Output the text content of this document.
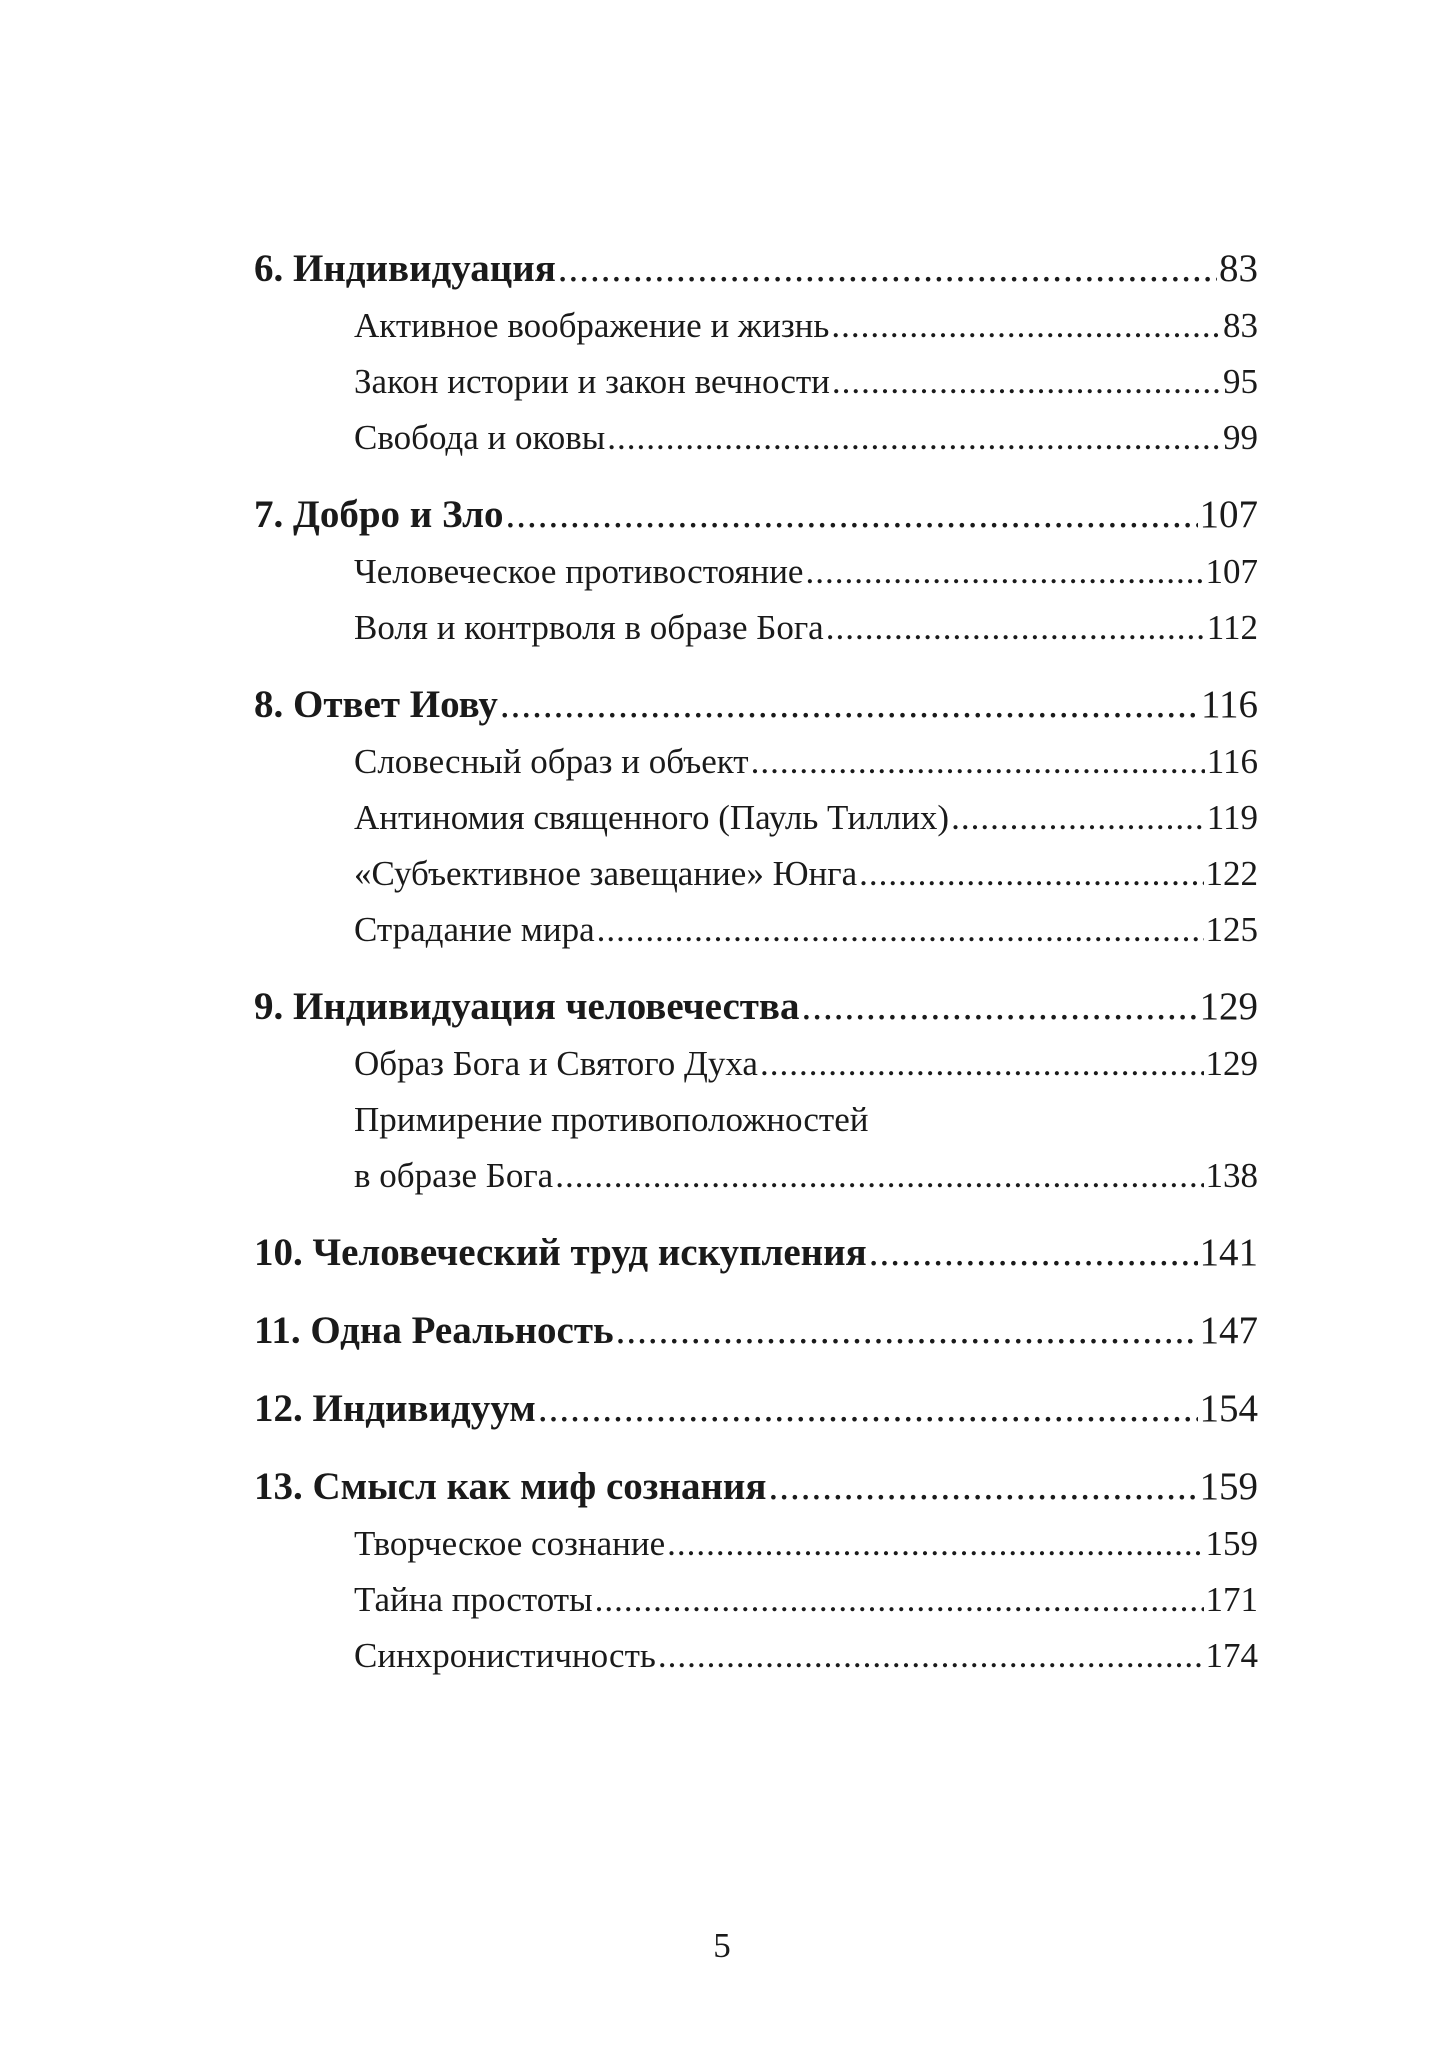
6. Индивидуация .....	83
Активное воображение и жизнь .....	83
Закон истории и закон вечности .....	95
Свобода и оковы .....	99
7. Добро и Зло .....	107
Человеческое противостояние .....	107
Воля и контрволя в образе Бога .....	112
8. Ответ Иову .....	116
Словесный образ и объект .....	116
Антиномия священного (Пауль Тиллих) .....	119
«Субъективное завещание» Юнга .....	122
Страдание мира .....	125
9. Индивидуация человечества .....	129
Образ Бога и Святого Духа .....	129
Примирение противоположностей
в образе Бога .....	138
10. Человеческий труд искупления .....	141
11. Одна Реальность .....	147
12. Индивидуум .....	154
13. Смысл как миф сознания .....	159
Творческое сознание .....	159
Тайна простоты .....	171
Синхронистичность .....	174
5
